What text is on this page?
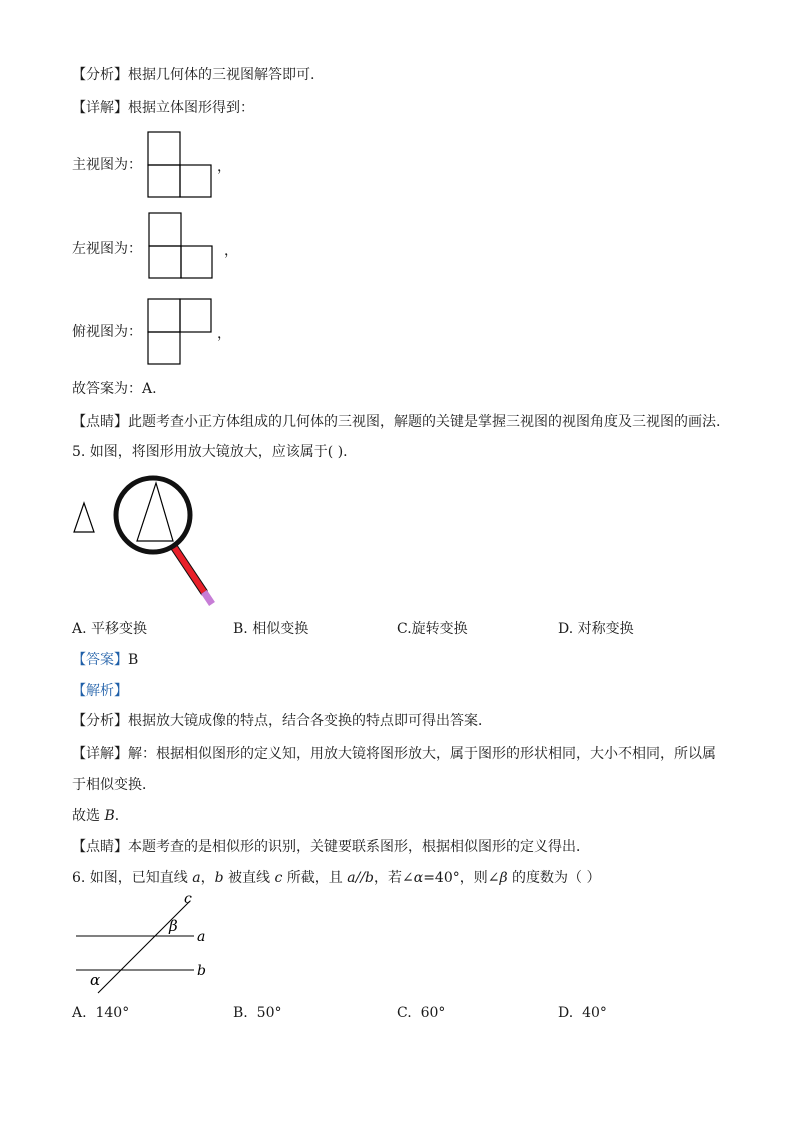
【分析】根据几何体的三视图解答即可.
【详解】根据立体图形得到：
主视图为：	，
左视图为：	，
俯视图为：	，
故答案为：A.
【点睛】此题考查小正方体组成的几何体的三视图，解题的关键是掌握三视图的视图角度及三视图的画法.
5. 如图，将图形用放大镜放大，应该属于( ).
A. 平移变换	B. 相似变换	C.旋转变换	D. 对称变换
【答案】B
【解析】
【分析】根据放大镜成像的特点，结合各变换的特点即可得出答案．
【详解】解：根据相似图形的定义知，用放大镜将图形放大，属于图形的形状相同，大小不相同，所以属
于相似变换．
故选 B．
【点睛】本题考查的是相似形的识别，关键要联系图形，根据相似图形的定义得出．
6. 如图，已知直线 a，b 被直线 c 所截，且 a//b，若∠α=40°，则∠β 的度数为（ ）
c
β
a
α	b
A. 140°	B. 50°	C. 60°	D. 40°
